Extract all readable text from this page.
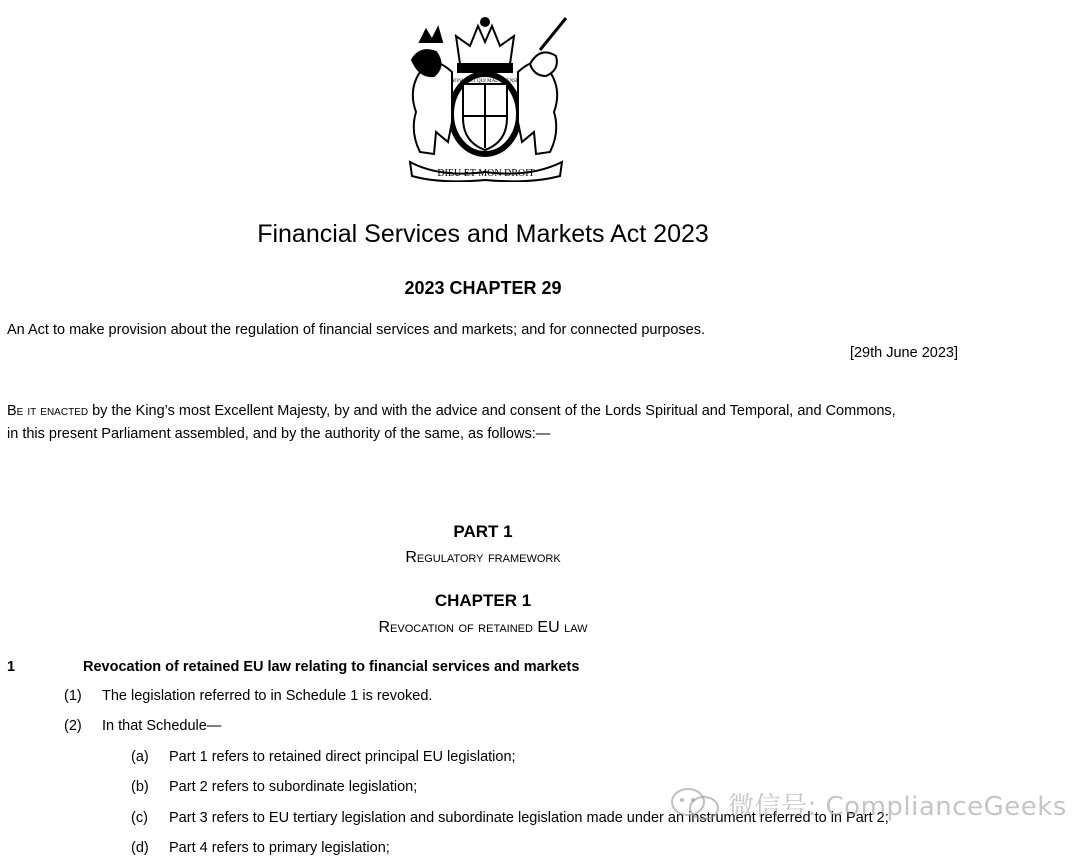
DIEU ET MON DROIT
HONI SOIT QUI MAL Y PENSE
Financial Services and Markets Act 2023
2023 CHAPTER 29
An Act to make provision about the regulation of financial services and markets; and for connected purposes.
[29th June 2023]
Be it enacted by the King’s most Excellent Majesty, by and with the advice and consent of the Lords Spiritual and Temporal, and Commons,
in this present Parliament assembled, and by the authority of the same, as follows:—
PART 1
Regulatory framework
CHAPTER 1
Revocation of retained EU law
1	Revocation of retained EU law relating to financial services and markets
(1) The legislation referred to in Schedule 1 is revoked.
(2) In that Schedule—
(a) Part 1 refers to retained direct principal EU legislation;
(b) Part 2 refers to subordinate legislation;
(c) Part 3 refers to EU tertiary legislation and subordinate legislation made under an instrument referred to in Part 2;
(d) Part 4 refers to primary legislation;
微信号: ComplianceGeeks
